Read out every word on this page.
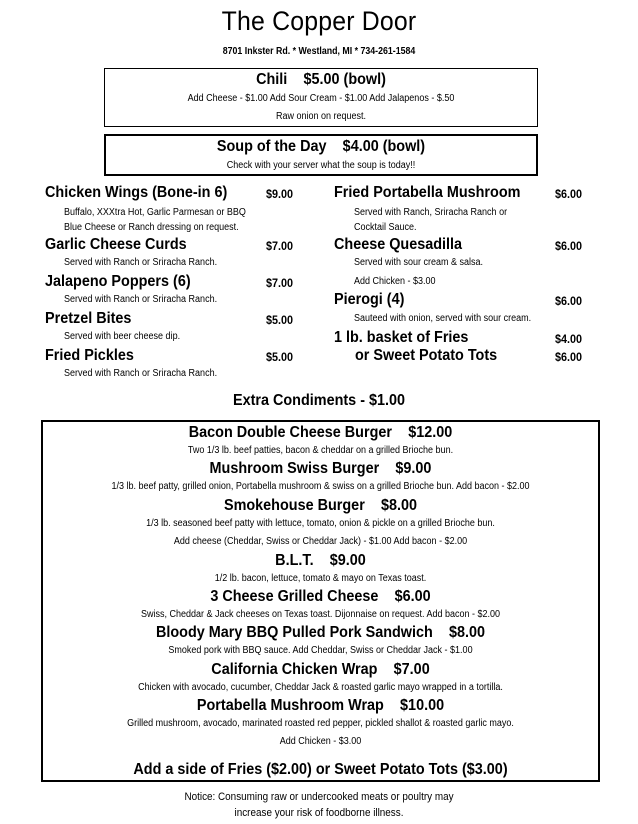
The Copper Door
8701 Inkster Rd. * Westland, MI * 734-261-1584
Chili $5.00 (bowl)
Add Cheese - $1.00 Add Sour Cream - $1.00 Add Jalapenos - $.50
Raw onion on request.
Soup of the Day $4.00 (bowl)
Check with your server what the soup is today!!
Chicken Wings (Bone-in 6)	$9.00
Buffalo, XXXtra Hot, Garlic Parmesan or BBQ
Blue Cheese or Ranch dressing on request.
Garlic Cheese Curds	$7.00
Served with Ranch or Sriracha Ranch.
Jalapeno Poppers (6)	$7.00
Served with Ranch or Sriracha Ranch.
Pretzel Bites	$5.00
Served with beer cheese dip.
Fried Pickles	$5.00
Served with Ranch or Sriracha Ranch.
Fried Portabella Mushroom	$6.00
Served with Ranch, Sriracha Ranch or
Cocktail Sauce.
Cheese Quesadilla	$6.00
Served with sour cream & salsa.
Add Chicken - $3.00
Pierogi (4)	$6.00
Sauteed with onion, served with sour cream.
1 lb. basket of Fries	$4.00
or Sweet Potato Tots	$6.00
Extra Condiments - $1.00
Bacon Double Cheese Burger $12.00
Two 1/3 lb. beef patties, bacon & cheddar on a grilled Brioche bun.
Mushroom Swiss Burger $9.00
1/3 lb. beef patty, grilled onion, Portabella mushroom & swiss on a grilled Brioche bun. Add bacon - $2.00
Smokehouse Burger $8.00
1/3 lb. seasoned beef patty with lettuce, tomato, onion & pickle on a grilled Brioche bun.
Add cheese (Cheddar, Swiss or Cheddar Jack) - $1.00 Add bacon - $2.00
B.L.T. $9.00
1/2 lb. bacon, lettuce, tomato & mayo on Texas toast.
3 Cheese Grilled Cheese $6.00
Swiss, Cheddar & Jack cheeses on Texas toast. Dijonnaise on request. Add bacon - $2.00
Bloody Mary BBQ Pulled Pork Sandwich $8.00
Smoked pork with BBQ sauce. Add Cheddar, Swiss or Cheddar Jack - $1.00
California Chicken Wrap $7.00
Chicken with avocado, cucumber, Cheddar Jack & roasted garlic mayo wrapped in a tortilla.
Portabella Mushroom Wrap $10.00
Grilled mushroom, avocado, marinated roasted red pepper, pickled shallot & roasted garlic mayo.
Add Chicken - $3.00
Add a side of Fries ($2.00) or Sweet Potato Tots ($3.00)
Notice: Consuming raw or undercooked meats or poultry may
increase your risk of foodborne illness.
